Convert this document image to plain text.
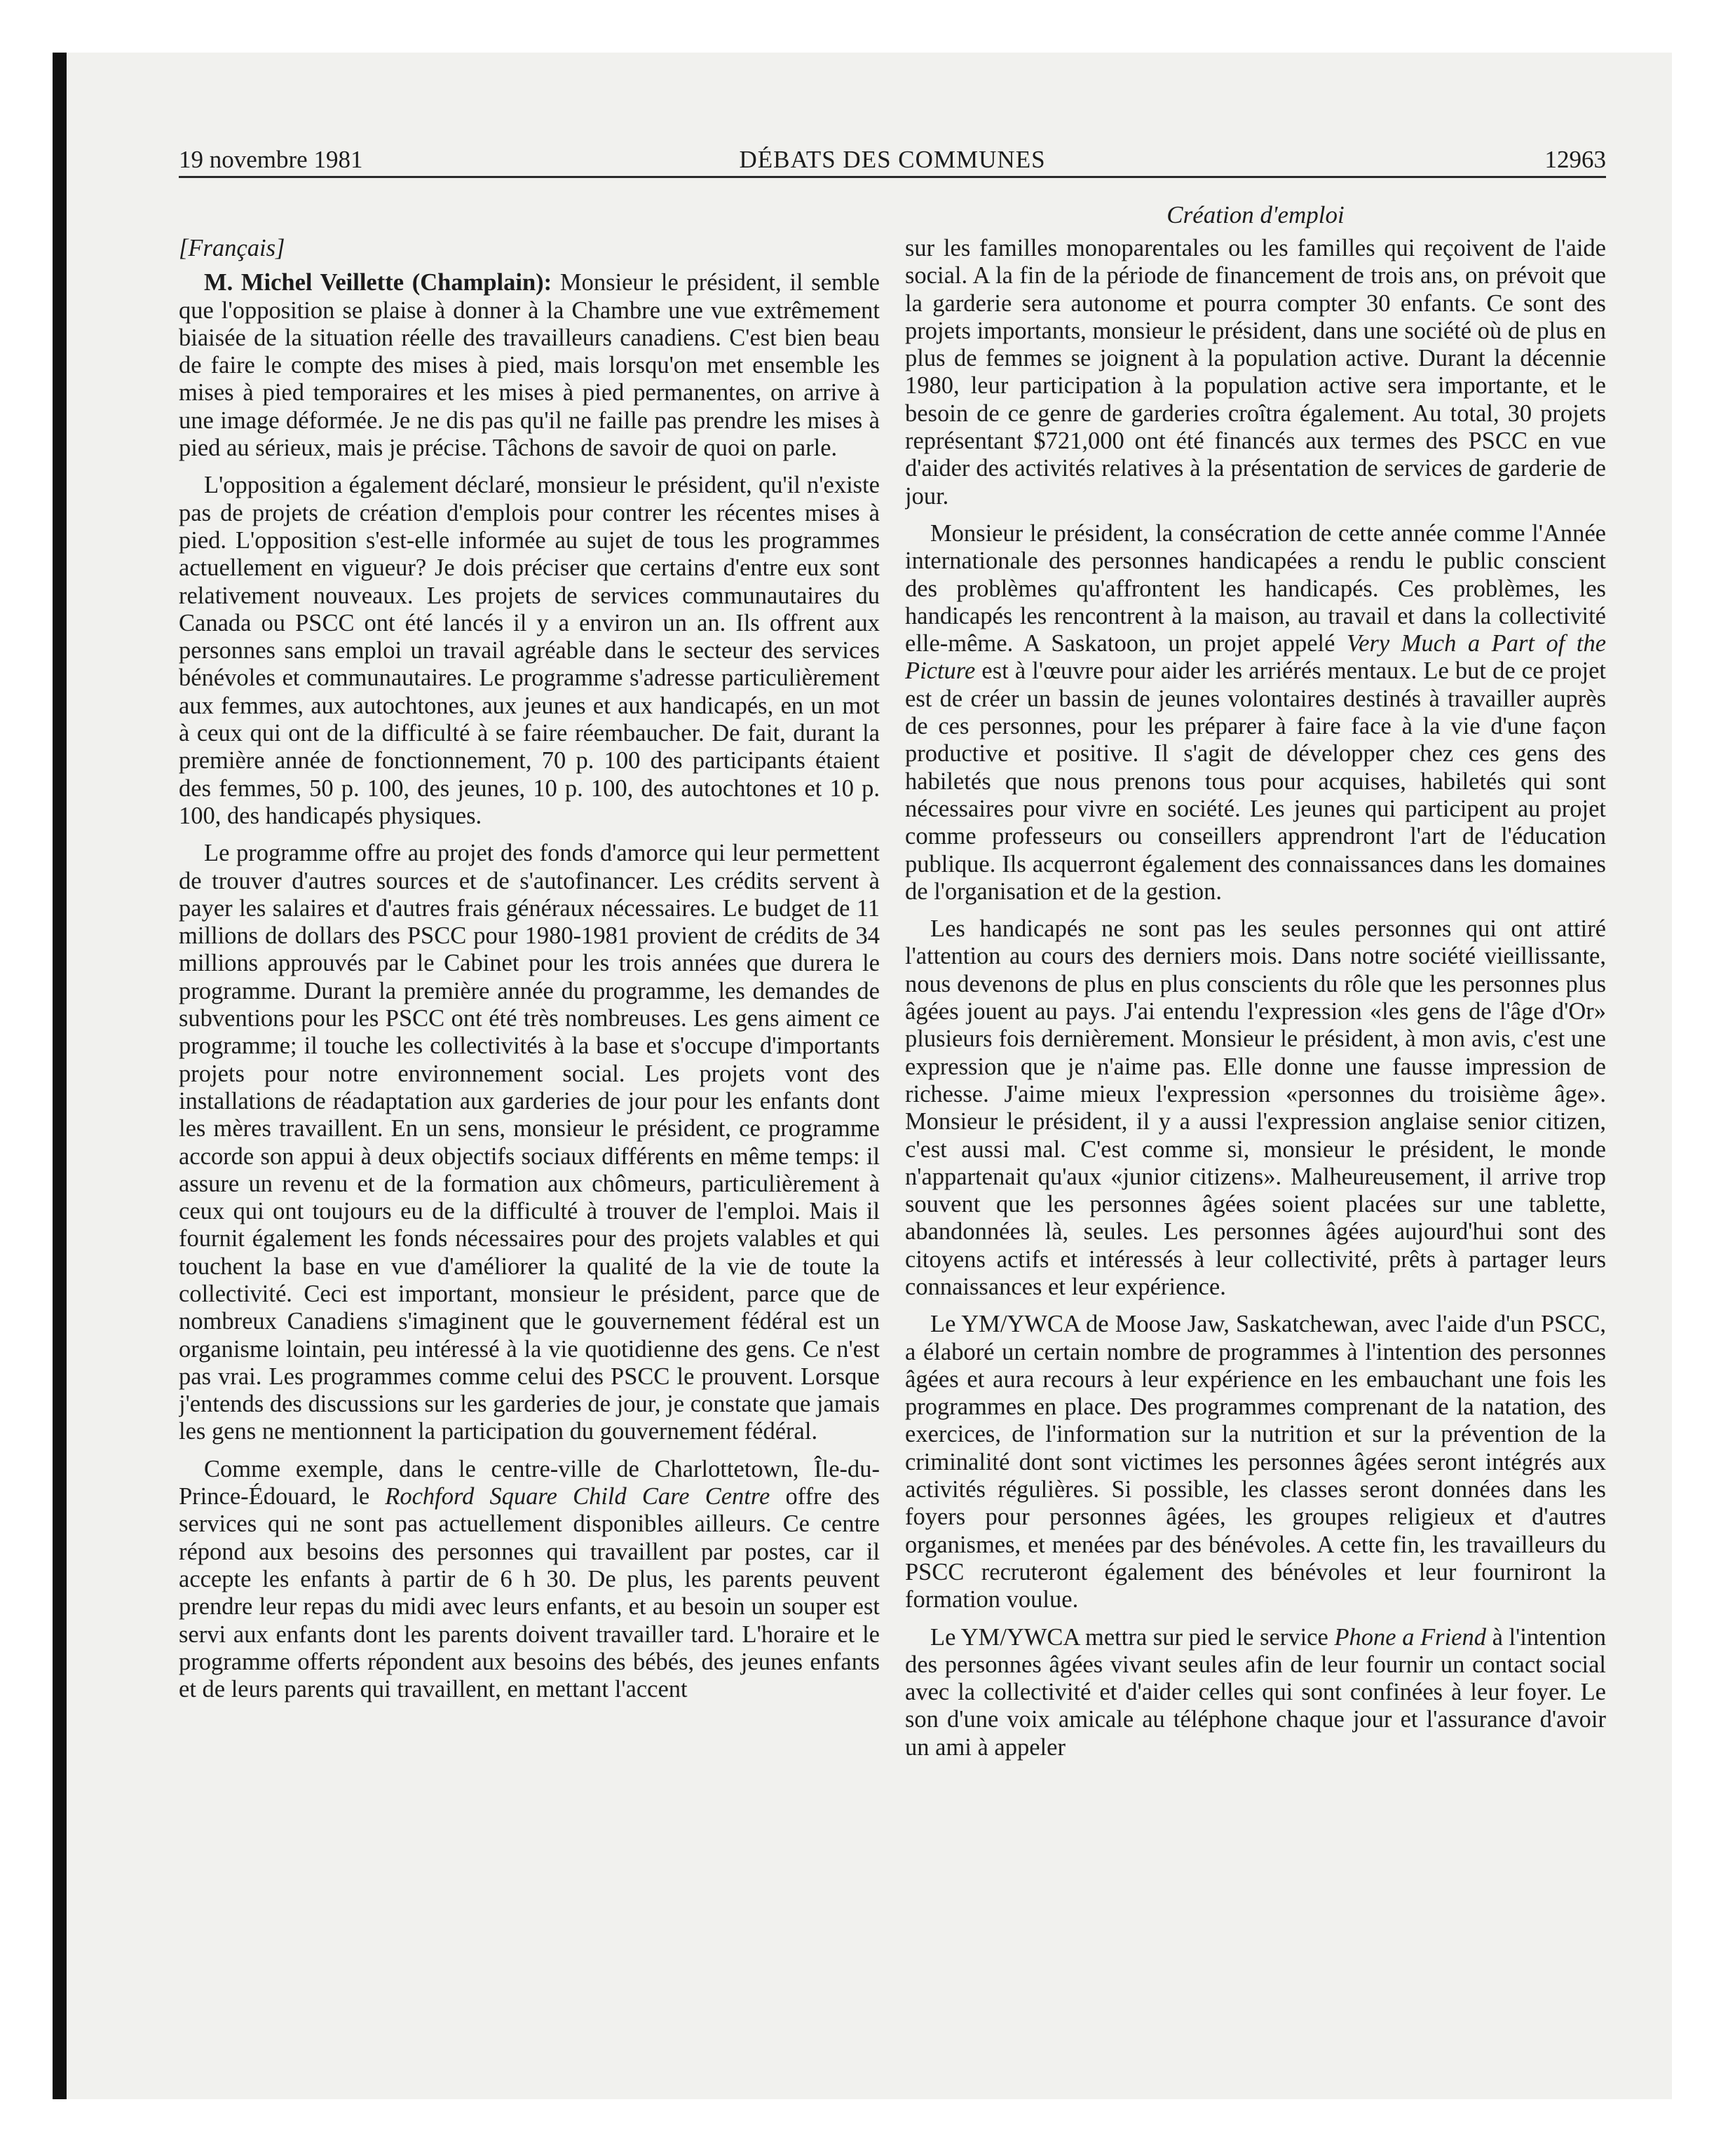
19 novembre 1981	DÉBATS DES COMMUNES	12963
Création d'emploi
[Français]

M. Michel Veillette (Champlain): Monsieur le président, il semble que l'opposition se plaise à donner à la Chambre une vue extrêmement biaisée de la situation réelle des travailleurs canadiens. C'est bien beau de faire le compte des mises à pied, mais lorsqu'on met ensemble les mises à pied temporaires et les mises à pied permanentes, on arrive à une image déformée. Je ne dis pas qu'il ne faille pas prendre les mises à pied au sérieux, mais je précise. Tâchons de savoir de quoi on parle.

L'opposition a également déclaré, monsieur le président, qu'il n'existe pas de projets de création d'emplois pour contrer les récentes mises à pied. L'opposition s'est-elle informée au sujet de tous les programmes actuellement en vigueur? Je dois préciser que certains d'entre eux sont relativement nouveaux. Les projets de services communautaires du Canada ou PSCC ont été lancés il y a environ un an. Ils offrent aux personnes sans emploi un travail agréable dans le secteur des services bénévoles et communautaires. Le programme s'adresse particulièrement aux femmes, aux autochtones, aux jeunes et aux handicapés, en un mot à ceux qui ont de la difficulté à se faire réembaucher. De fait, durant la première année de fonctionnement, 70 p. 100 des participants étaient des femmes, 50 p. 100, des jeunes, 10 p. 100, des autochtones et 10 p. 100, des handicapés physiques.

Le programme offre au projet des fonds d'amorce qui leur permettent de trouver d'autres sources et de s'autofinancer. Les crédits servent à payer les salaires et d'autres frais généraux nécessaires. Le budget de 11 millions de dollars des PSCC pour 1980-1981 provient de crédits de 34 millions approuvés par le Cabinet pour les trois années que durera le programme. Durant la première année du programme, les demandes de subventions pour les PSCC ont été très nombreuses. Les gens aiment ce programme; il touche les collectivités à la base et s'occupe d'importants projets pour notre environnement social. Les projets vont des installations de réadaptation aux garderies de jour pour les enfants dont les mères travaillent. En un sens, monsieur le président, ce programme accorde son appui à deux objectifs sociaux différents en même temps: il assure un revenu et de la formation aux chômeurs, particulièrement à ceux qui ont toujours eu de la difficulté à trouver de l'emploi. Mais il fournit également les fonds nécessaires pour des projets valables et qui touchent la base en vue d'améliorer la qualité de la vie de toute la collectivité. Ceci est important, monsieur le président, parce que de nombreux Canadiens s'imaginent que le gouvernement fédéral est un organisme lointain, peu intéressé à la vie quotidienne des gens. Ce n'est pas vrai. Les programmes comme celui des PSCC le prouvent. Lorsque j'entends des discussions sur les garderies de jour, je constate que jamais les gens ne mentionnent la participation du gouvernement fédéral.

Comme exemple, dans le centre-ville de Charlottetown, Île-du-Prince-Édouard, le Rochford Square Child Care Centre offre des services qui ne sont pas actuellement disponibles ailleurs. Ce centre répond aux besoins des personnes qui travaillent par postes, car il accepte les enfants à partir de 6 h 30. De plus, les parents peuvent prendre leur repas du midi avec leurs enfants, et au besoin un souper est servi aux enfants dont les parents doivent travailler tard. L'horaire et le programme offerts répondent aux besoins des bébés, des jeunes enfants et de leurs parents qui travaillent, en mettant l'accent

sur les familles monoparentales ou les familles qui reçoivent de l'aide social. A la fin de la période de financement de trois ans, on prévoit que la garderie sera autonome et pourra compter 30 enfants. Ce sont des projets importants, monsieur le président, dans une société où de plus en plus de femmes se joignent à la population active. Durant la décennie 1980, leur participation à la population active sera importante, et le besoin de ce genre de garderies croîtra également. Au total, 30 projets représentant $721,000 ont été financés aux termes des PSCC en vue d'aider des activités relatives à la présentation de services de garderie de jour.

Monsieur le président, la consécration de cette année comme l'Année internationale des personnes handicapées a rendu le public conscient des problèmes qu'affrontent les handicapés. Ces problèmes, les handicapés les rencontrent à la maison, au travail et dans la collectivité elle-même. A Saskatoon, un projet appelé Very Much a Part of the Picture est à l'œuvre pour aider les arriérés mentaux. Le but de ce projet est de créer un bassin de jeunes volontaires destinés à travailler auprès de ces personnes, pour les préparer à faire face à la vie d'une façon productive et positive. Il s'agit de développer chez ces gens des habiletés que nous prenons tous pour acquises, habiletés qui sont nécessaires pour vivre en société. Les jeunes qui participent au projet comme professeurs ou conseillers apprendront l'art de l'éducation publique. Ils acquerront également des connaissances dans les domaines de l'organisation et de la gestion.

Les handicapés ne sont pas les seules personnes qui ont attiré l'attention au cours des derniers mois. Dans notre société vieillissante, nous devenons de plus en plus conscients du rôle que les personnes plus âgées jouent au pays. J'ai entendu l'expression «les gens de l'âge d'Or» plusieurs fois dernièrement. Monsieur le président, à mon avis, c'est une expression que je n'aime pas. Elle donne une fausse impression de richesse. J'aime mieux l'expression «personnes du troisième âge». Monsieur le président, il y a aussi l'expression anglaise senior citizen, c'est aussi mal. C'est comme si, monsieur le président, le monde n'appartenait qu'aux «junior citizens». Malheureusement, il arrive trop souvent que les personnes âgées soient placées sur une tablette, abandonnées là, seules. Les personnes âgées aujourd'hui sont des citoyens actifs et intéressés à leur collectivité, prêts à partager leurs connaissances et leur expérience.

Le YM/YWCA de Moose Jaw, Saskatchewan, avec l'aide d'un PSCC, a élaboré un certain nombre de programmes à l'intention des personnes âgées et aura recours à leur expérience en les embauchant une fois les programmes en place. Des programmes comprenant de la natation, des exercices, de l'information sur la nutrition et sur la prévention de la criminalité dont sont victimes les personnes âgées seront intégrés aux activités régulières. Si possible, les classes seront données dans les foyers pour personnes âgées, les groupes religieux et d'autres organismes, et menées par des bénévoles. A cette fin, les travailleurs du PSCC recruteront également des bénévoles et leur fourniront la formation voulue.

Le YM/YWCA mettra sur pied le service Phone a Friend à l'intention des personnes âgées vivant seules afin de leur fournir un contact social avec la collectivité et d'aider celles qui sont confinées à leur foyer. Le son d'une voix amicale au téléphone chaque jour et l'assurance d'avoir un ami à appeler
